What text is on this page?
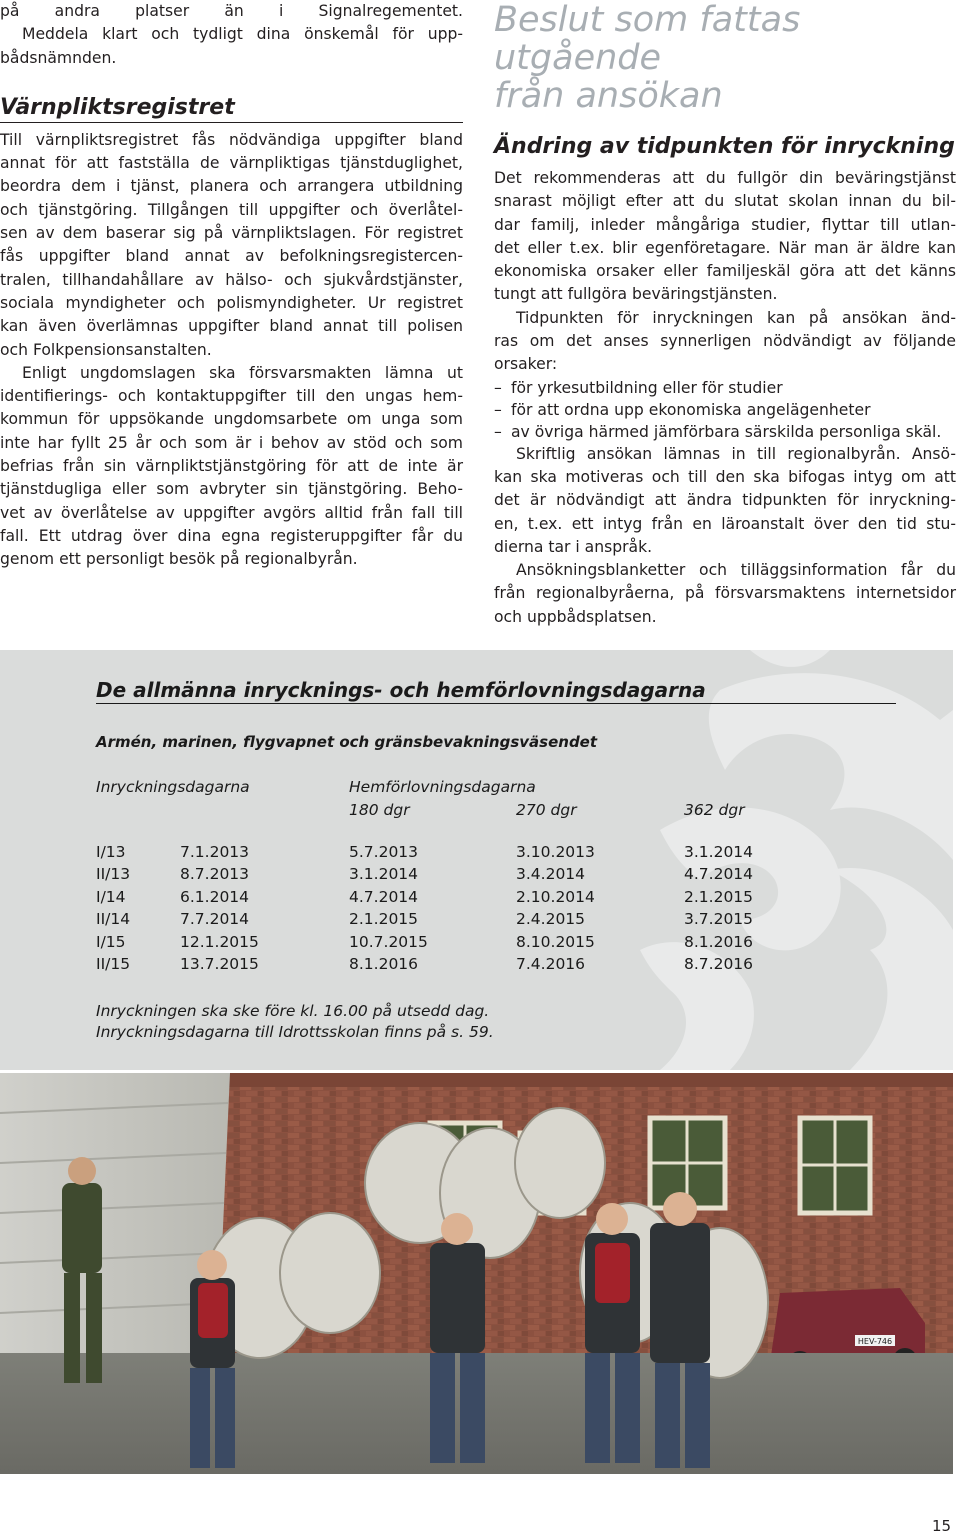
på andra platser än i Signalregementet.

Meddela klart och tydligt dina önskemål för upp-

bådsnämnden.

Värnpliktsregistret

Till värnpliktsregistret fås nödvändiga uppgifter bland

annat för att fastställa de värnpliktigas tjänstduglighet,

beordra dem i tjänst, planera och arrangera utbildning

och tjänstgöring. Tillgången till uppgifter och överlåtel-

sen av dem baserar sig på värnpliktslagen. För registret

fås uppgifter bland annat av befolkningsregistercen-

tralen, tillhandahållare av hälso- och sjukvårdstjänster,

sociala myndigheter och polismyndigheter. Ur registret

kan även överlämnas uppgifter bland annat till polisen

och Folkpensionsanstalten.

Enligt ungdomslagen ska försvarsmakten lämna ut

identifierings- och kontaktuppgifter till den ungas hem-

kommun för uppsökande ungdomsarbete om unga som

inte har fyllt 25 år och som är i behov av stöd och som

befrias från sin värnpliktstjänstgöring för att de inte är

tjänstdugliga eller som avbryter sin tjänstgöring. Beho-

vet av överlåtelse av uppgifter avgörs alltid från fall till

fall. Ett utdrag över dina egna registeruppgifter får du

genom ett personligt besök på regionalbyrån.

Beslut som fattas utgående
från ansökan
Ändring av tidpunkten för inryckning

Det rekommenderas att du fullgör din beväringstjänst

snarast möjligt efter att du slutat skolan innan du bil-

dar familj, inleder mångåriga studier, flyttar till utlan-

det eller t.ex. blir egenföretagare. När man är äldre kan

ekonomiska orsaker eller familjeskäl göra att det känns

tungt att fullgöra beväringstjänsten.

Tidpunkten för inryckningen kan på ansökan änd-

ras om det anses synnerligen nödvändigt av följande

orsaker:

– för yrkesutbildning eller för studier
– för att ordna upp ekonomiska angelägenheter
– av övriga härmed jämförbara särskilda personliga skäl.

Skriftlig ansökan lämnas in till regionalbyrån. Ansö-

kan ska motiveras och till den ska bifogas intyg om att

det är nödvändigt att ändra tidpunkten för inryckning-

en, t.ex. ett intyg från en läroanstalt över den tid stu-

dierna tar i anspråk.

Ansökningsblanketter och tilläggsinformation får du

från regionalbyråerna, på försvarsmaktens internetsidor

och uppbådsplatsen.

De allmänna inrycknings- och hemförlovningsdagarna
Armén, marinen, flygvapnet och gränsbevakningsväsendet
Inryckningsdagarna	Hemförlovningsdagarna
180 dgr	270 dgr	362 dgr
I/13	7.1.2013	5.7.2013	3.10.2013	3.1.2014
II/13	8.7.2013	3.1.2014	3.4.2014	4.7.2014
I/14	6.1.2014	4.7.2014	2.10.2014	2.1.2015
II/14	7.7.2014	2.1.2015	2.4.2015	3.7.2015
I/15	12.1.2015	10.7.2015	8.10.2015	8.1.2016
II/15	13.7.2015	8.1.2016	7.4.2016	8.7.2016
Inryckningen ska ske före kl. 16.00 på utsedd dag.
Inryckningsdagarna till Idrottsskolan finns på s. 59.
HEV-746
15
